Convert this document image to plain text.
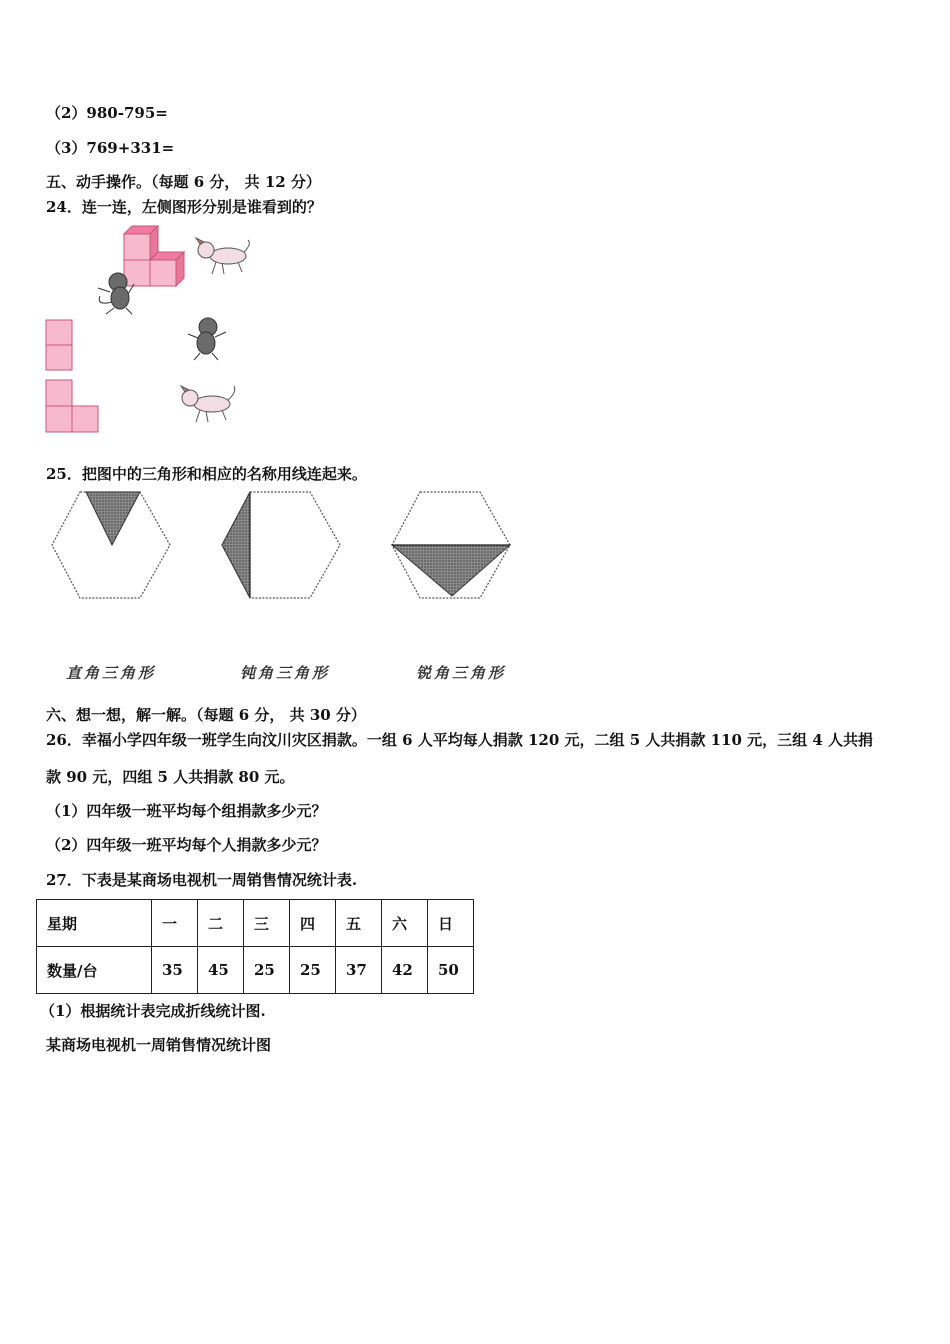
（2）980-795=
（3）769+331=
五、动手操作。（每题 6 分， 共 12 分）
24．连一连，左侧图形分别是谁看到的？
25．把图中的三角形和相应的名称用线连起来。
直角三角形	钝角三角形	锐角三角形
六、想一想，解一解。（每题 6 分， 共 30 分）
26．幸福小学四年级一班学生向汶川灾区捐款。一组 6 人平均每人捐款 120 元，二组 5 人共捐款 110 元，三组 4 人共捐
款 90 元，四组 5 人共捐款 80 元。
（1）四年级一班平均每个组捐款多少元？
（2）四年级一班平均每个人捐款多少元？
27．下表是某商场电视机一周销售情况统计表.
星期	一	二	三	四	五	六	日
数量/台	35	45	25	25	37	42	50
（1）根据统计表完成折线统计图.
某商场电视机一周销售情况统计图
